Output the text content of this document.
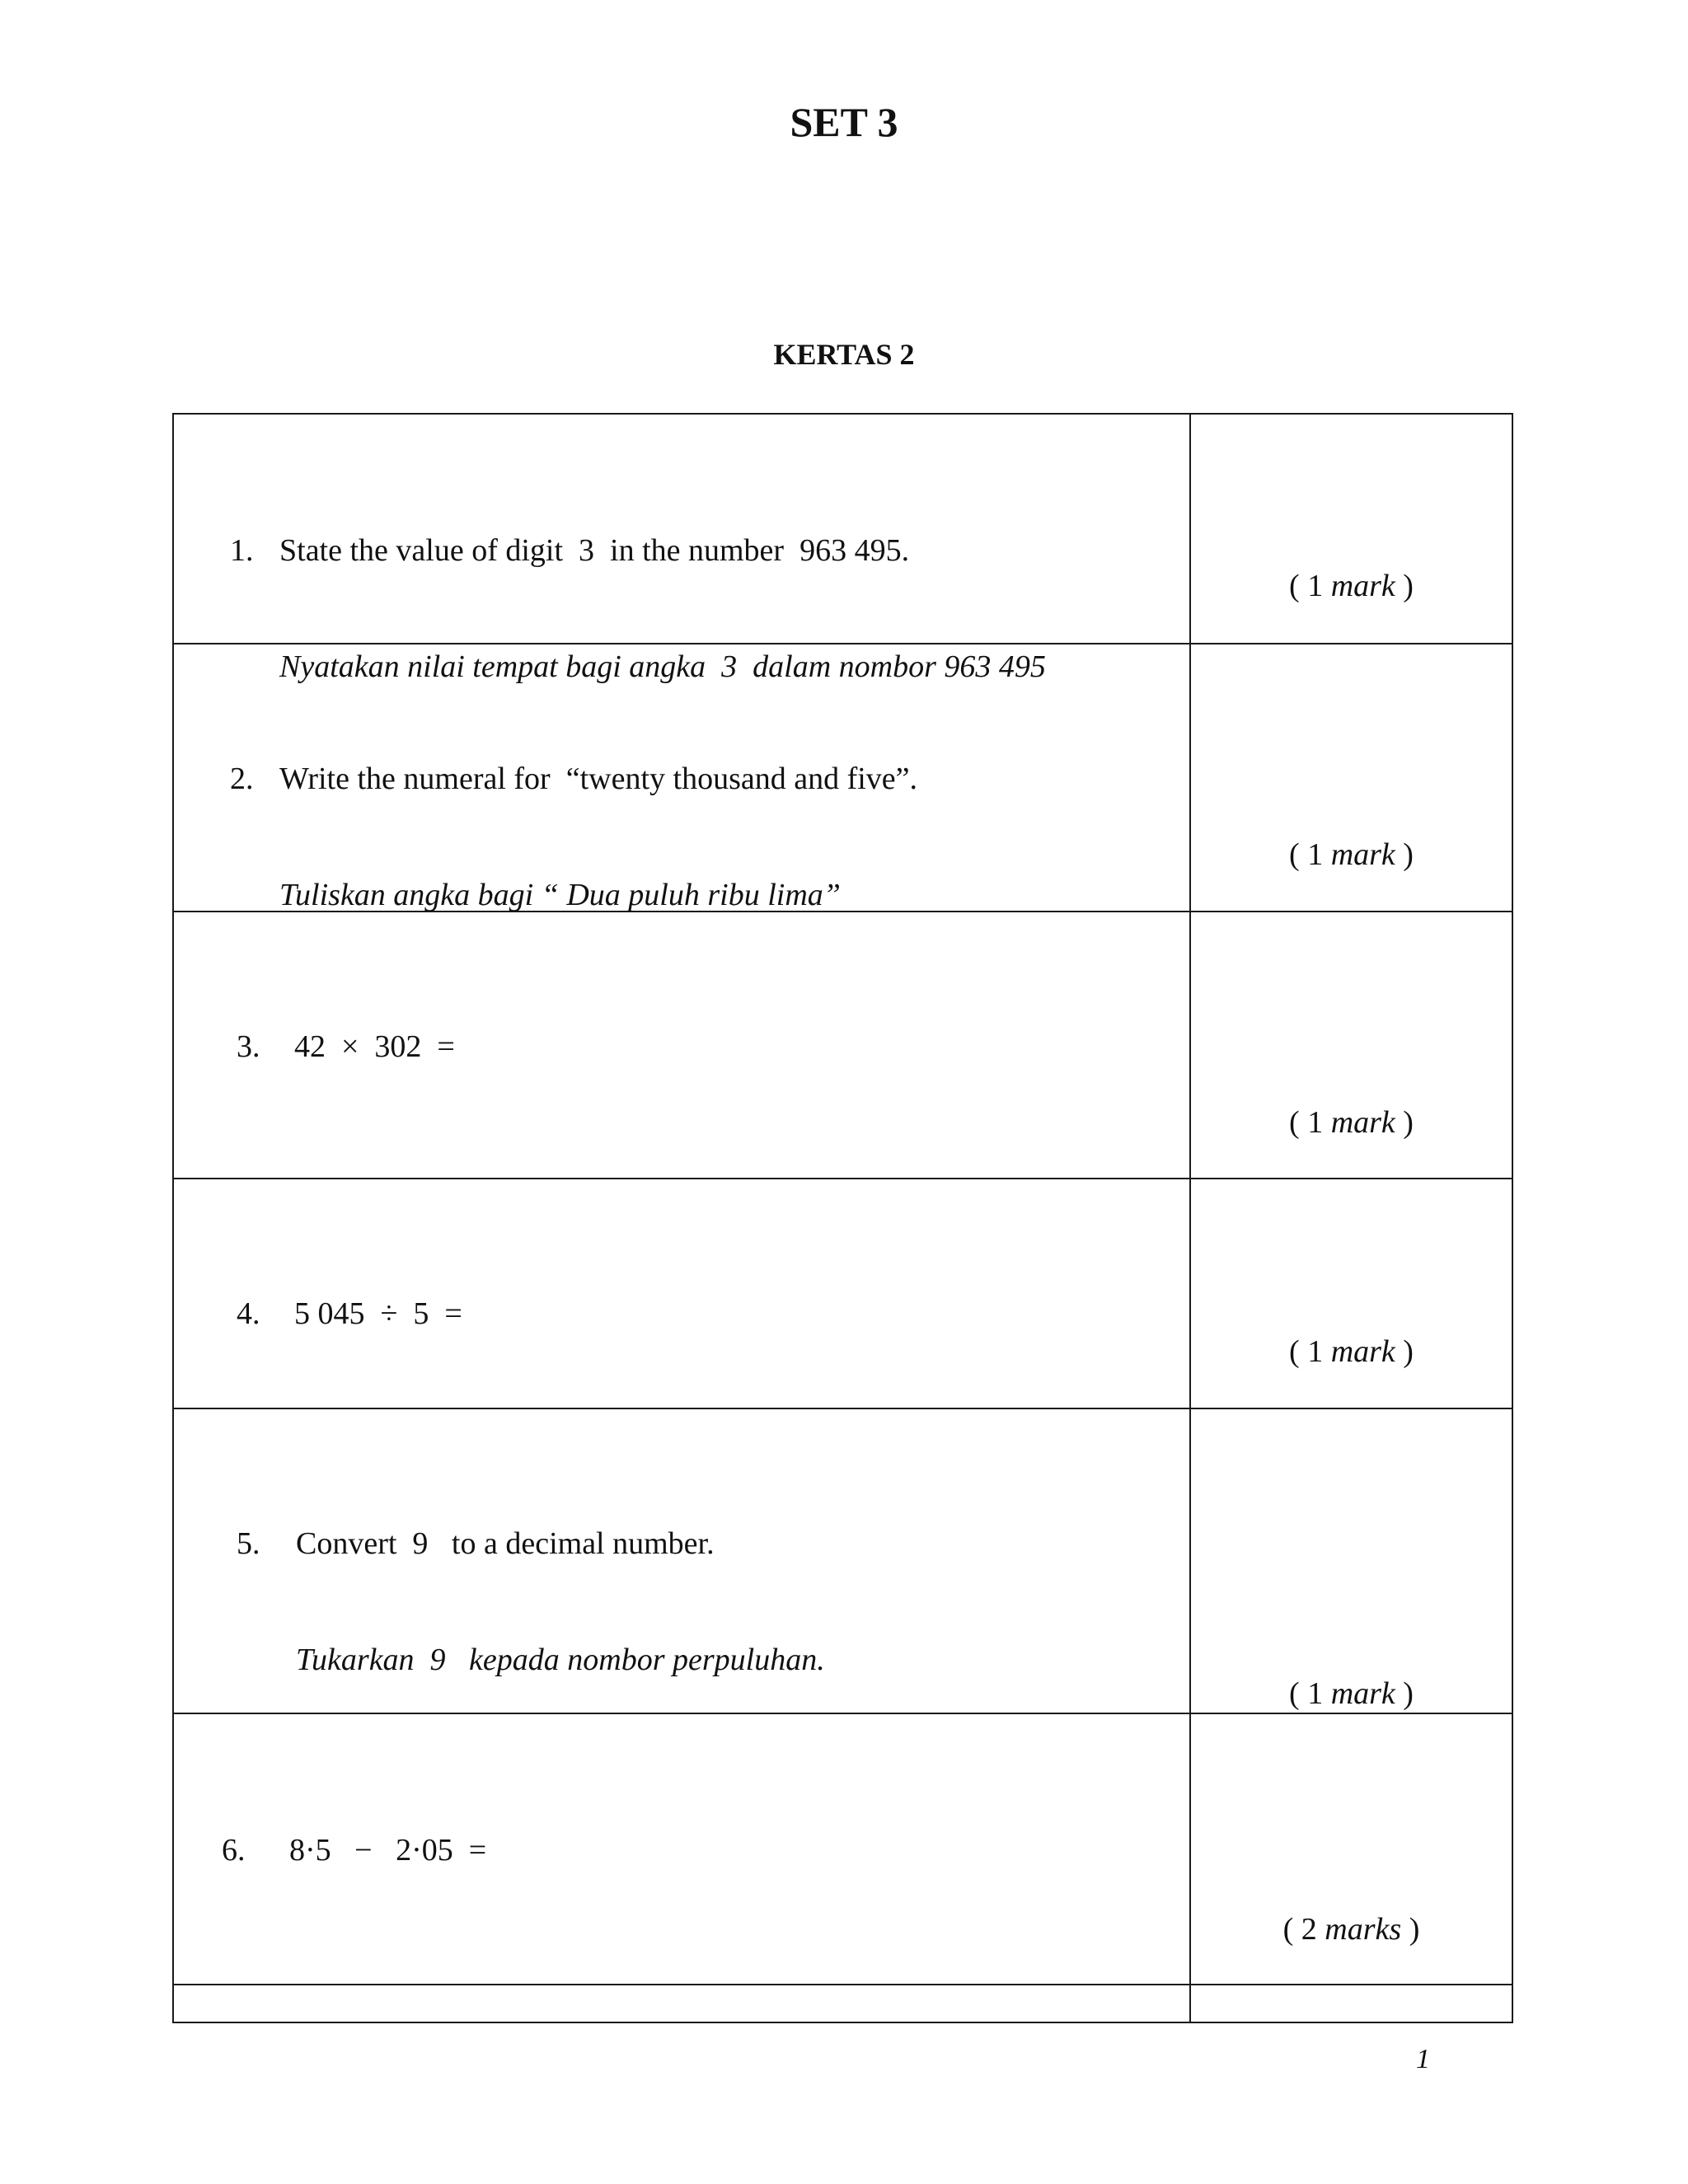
SET 3
KERTAS 2

1. State the value of digit  3  in the number  963 495.

Nyatakan nilai tempat bagi angka  3  dalam nombor 963 495	( 1 mark )

2. Write the numeral for  “twenty thousand and five”.

Tuliskan angka bagi “ Dua puluh ribu lima”	( 1 mark )

3. 42  ×  302  =	( 1 mark )

4. 5 045  ÷  5  =	( 1 mark )

5. Convert  9   to a decimal number.

Tukarkan  9   kepada nombor perpuluhan.	( 1 mark )

6. 8·5   −   2·05  =	( 2 marks )

1
